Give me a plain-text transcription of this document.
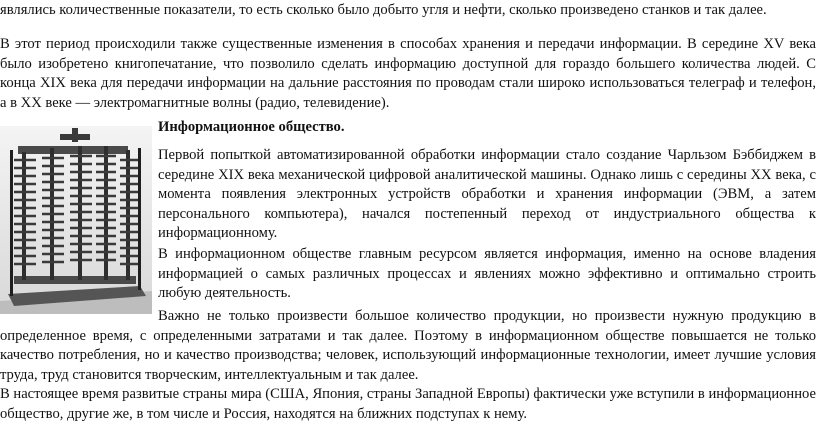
являлись количественные показатели, то есть сколько было добыто угля и нефти, сколько произведено станков и так далее.

В этот период происходили также существенные изменения в способах хранения и передачи информации. В середине XV века было изобретено книгопечатание, что позволило сделать информацию доступной для гораздо большего количества людей. С конца XIX века для передачи информации на дальние расстояния по проводам стали широко использоваться телеграф и телефон, а в XX веке — электромагнитные волны (радио, телевидение).

Информационное общество.

Первой попыткой автоматизированной обработки информации стало создание Чарльзом Бэббиджем в середине XIX века механической цифровой аналитической машины. Однако лишь с середины XX века, с момента появления электронных устройств обработки и хранения информации (ЭВМ, а затем персонального компьютера), начался постепенный переход от индустриального общества к информационному.

В информационном обществе главным ресурсом является информация, именно на основе владения информацией о самых различных процессах и явлениях можно эффективно и оптимально строить любую деятельность.

Важно не только произвести большое количество продукции, но произвести нужную продукцию в определенное время, с определенными затратами и так далее. Поэтому в информационном обществе повышается не только качество потребления, но и качество производства; человек, использующий информационные технологии, имеет лучшие условия труда, труд становится творческим, интеллектуальным и так далее.

В настоящее время развитые страны мира (США, Япония, страны Западной Европы) фактически уже вступили в информационное общество, другие же, в том числе и Россия, находятся на ближних подступах к нему.
